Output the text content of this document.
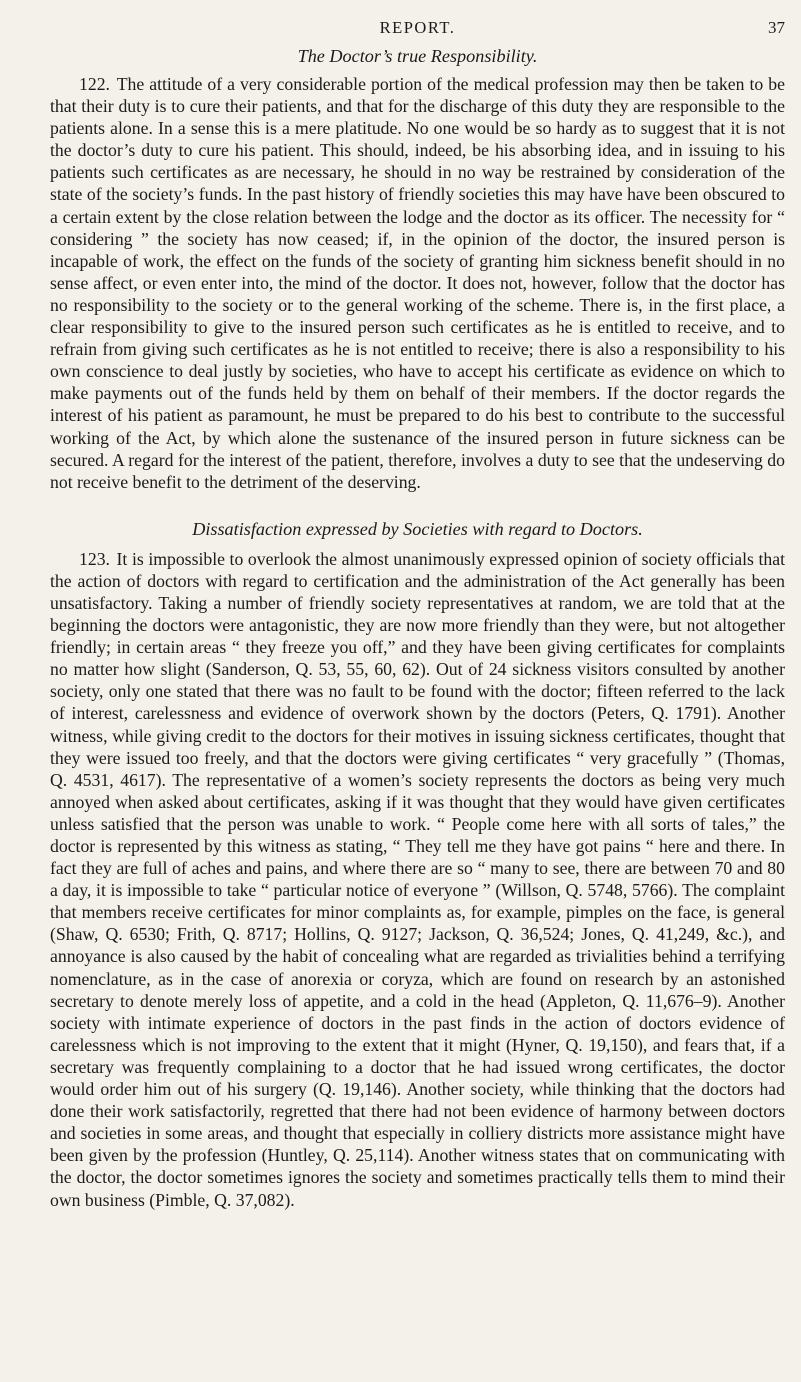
REPORT.	37
The Doctor’s true Responsibility.

122. The attitude of a very considerable portion of the medical profession may then be taken to be that their duty is to cure their patients, and that for the discharge of this duty they are responsible to the patients alone. In a sense this is a mere platitude. No one would be so hardy as to suggest that it is not the doctor’s duty to cure his patient. This should, indeed, be his absorbing idea, and in issuing to his patients such certificates as are necessary, he should in no way be restrained by consideration of the state of the society’s funds. In the past history of friendly societies this may have have been obscured to a certain extent by the close relation between the lodge and the doctor as its officer. The necessity for “ considering ” the society has now ceased; if, in the opinion of the doctor, the insured person is incapable of work, the effect on the funds of the society of granting him sickness benefit should in no sense affect, or even enter into, the mind of the doctor. It does not, however, follow that the doctor has no responsibility to the society or to the general working of the scheme. There is, in the first place, a clear responsibility to give to the insured person such certificates as he is entitled to receive, and to refrain from giving such certificates as he is not entitled to receive; there is also a responsibility to his own conscience to deal justly by societies, who have to accept his certificate as evidence on which to make payments out of the funds held by them on behalf of their members. If the doctor regards the interest of his patient as paramount, he must be prepared to do his best to contribute to the successful working of the Act, by which alone the sustenance of the insured person in future sickness can be secured. A regard for the interest of the patient, therefore, involves a duty to see that the undeserving do not receive benefit to the detriment of the deserving.

Dissatisfaction expressed by Societies with regard to Doctors.

123. It is impossible to overlook the almost unanimously expressed opinion of society officials that the action of doctors with regard to certification and the administration of the Act generally has been unsatisfactory. Taking a number of friendly society representatives at random, we are told that at the beginning the doctors were antagonistic, they are now more friendly than they were, but not altogether friendly; in certain areas “ they freeze you off,” and they have been giving certificates for complaints no matter how slight (Sanderson, Q. 53, 55, 60, 62). Out of 24 sickness visitors consulted by another society, only one stated that there was no fault to be found with the doctor; fifteen referred to the lack of interest, carelessness and evidence of overwork shown by the doctors (Peters, Q. 1791). Another witness, while giving credit to the doctors for their motives in issuing sickness certificates, thought that they were issued too freely, and that the doctors were giving certificates “ very gracefully ” (Thomas, Q. 4531, 4617). The representative of a women’s society represents the doctors as being very much annoyed when asked about certificates, asking if it was thought that they would have given certificates unless satisfied that the person was unable to work. “ People come here with all sorts of tales,” the doctor is represented by this witness as stating, “ They tell me they have got pains “ here and there. In fact they are full of aches and pains, and where there are so “ many to see, there are between 70 and 80 a day, it is impossible to take “ particular notice of everyone ” (Willson, Q. 5748, 5766). The complaint that members receive certificates for minor complaints as, for example, pimples on the face, is general (Shaw, Q. 6530; Frith, Q. 8717; Hollins, Q. 9127; Jackson, Q. 36,524; Jones, Q. 41,249, &c.), and annoyance is also caused by the habit of concealing what are regarded as trivialities behind a terrifying nomenclature, as in the case of anorexia or coryza, which are found on research by an astonished secretary to denote merely loss of appetite, and a cold in the head (Appleton, Q. 11,676–9). Another society with intimate experience of doctors in the past finds in the action of doctors evidence of carelessness which is not improving to the extent that it might (Hyner, Q. 19,150), and fears that, if a secretary was frequently complaining to a doctor that he had issued wrong certificates, the doctor would order him out of his surgery (Q. 19,146). Another society, while thinking that the doctors had done their work satisfactorily, regretted that there had not been evidence of harmony between doctors and societies in some areas, and thought that especially in colliery districts more assistance might have been given by the profession (Huntley, Q. 25,114). Another witness states that on communicating with the doctor, the doctor sometimes ignores the society and sometimes practically tells them to mind their own business (Pimble, Q. 37,082).
